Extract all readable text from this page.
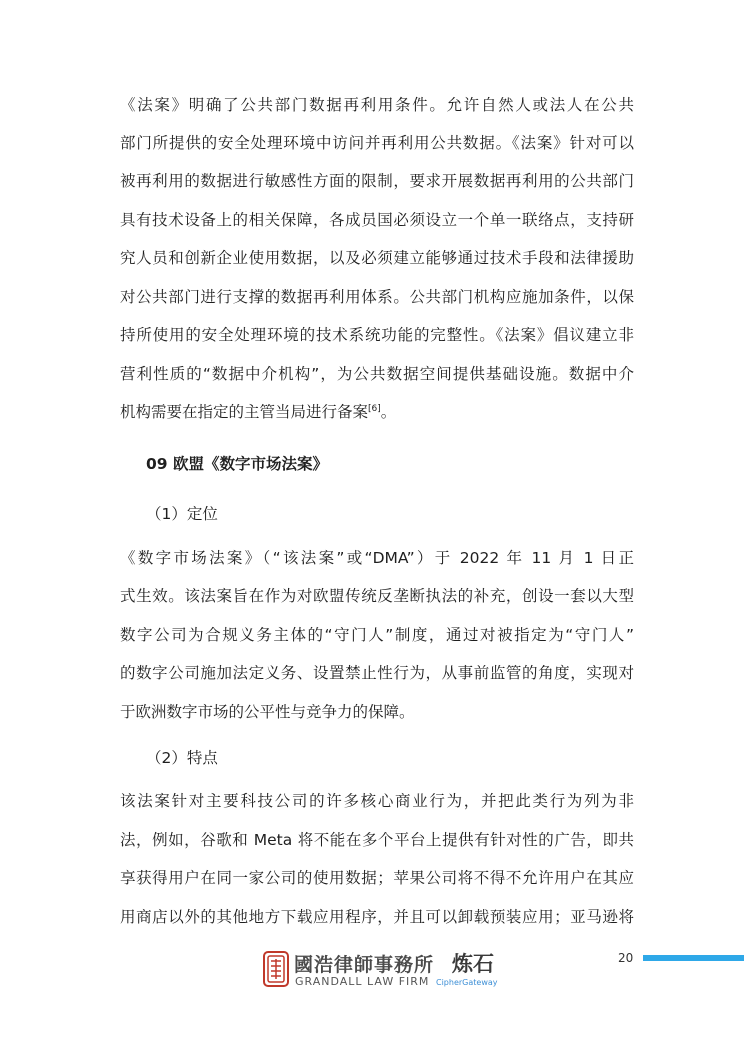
《法案》明确了公共部门数据再利用条件。允许自然人或法人在公共
部门所提供的安全处理环境中访问并再利用公共数据。《法案》针对可以
被再利用的数据进行敏感性方面的限制，要求开展数据再利用的公共部门
具有技术设备上的相关保障，各成员国必须设立一个单一联络点，支持研
究人员和创新企业使用数据，以及必须建立能够通过技术手段和法律援助
对公共部门进行支撑的数据再利用体系。公共部门机构应施加条件，以保
持所使用的安全处理环境的技术系统功能的完整性。《法案》倡议建立非
营利性质的“数据中介机构”，为公共数据空间提供基础设施。数据中介
机构需要在指定的主管当局进行备案[6]。
09 欧盟《数字市场法案》
（1）定位
《数字市场法案》（“该法案”或“DMA”）于 2022 年 11 月 1 日正
式生效。该法案旨在作为对欧盟传统反垄断执法的补充，创设一套以大型
数字公司为合规义务主体的“守门人”制度，通过对被指定为“守门人”
的数字公司施加法定义务、设置禁止性行为，从事前监管的角度，实现对
于欧洲数字市场的公平性与竞争力的保障。
（2）特点
该法案针对主要科技公司的许多核心商业行为，并把此类行为列为非
法，例如，谷歌和 Meta 将不能在多个平台上提供有针对性的广告，即共
享获得用户在同一家公司的使用数据；苹果公司将不得不允许用户在其应
用商店以外的其他地方下载应用程序，并且可以卸载预装应用；亚马逊将
國浩律師事務所
GRANDALL LAW FIRM
炼石
CipherGateway
20
